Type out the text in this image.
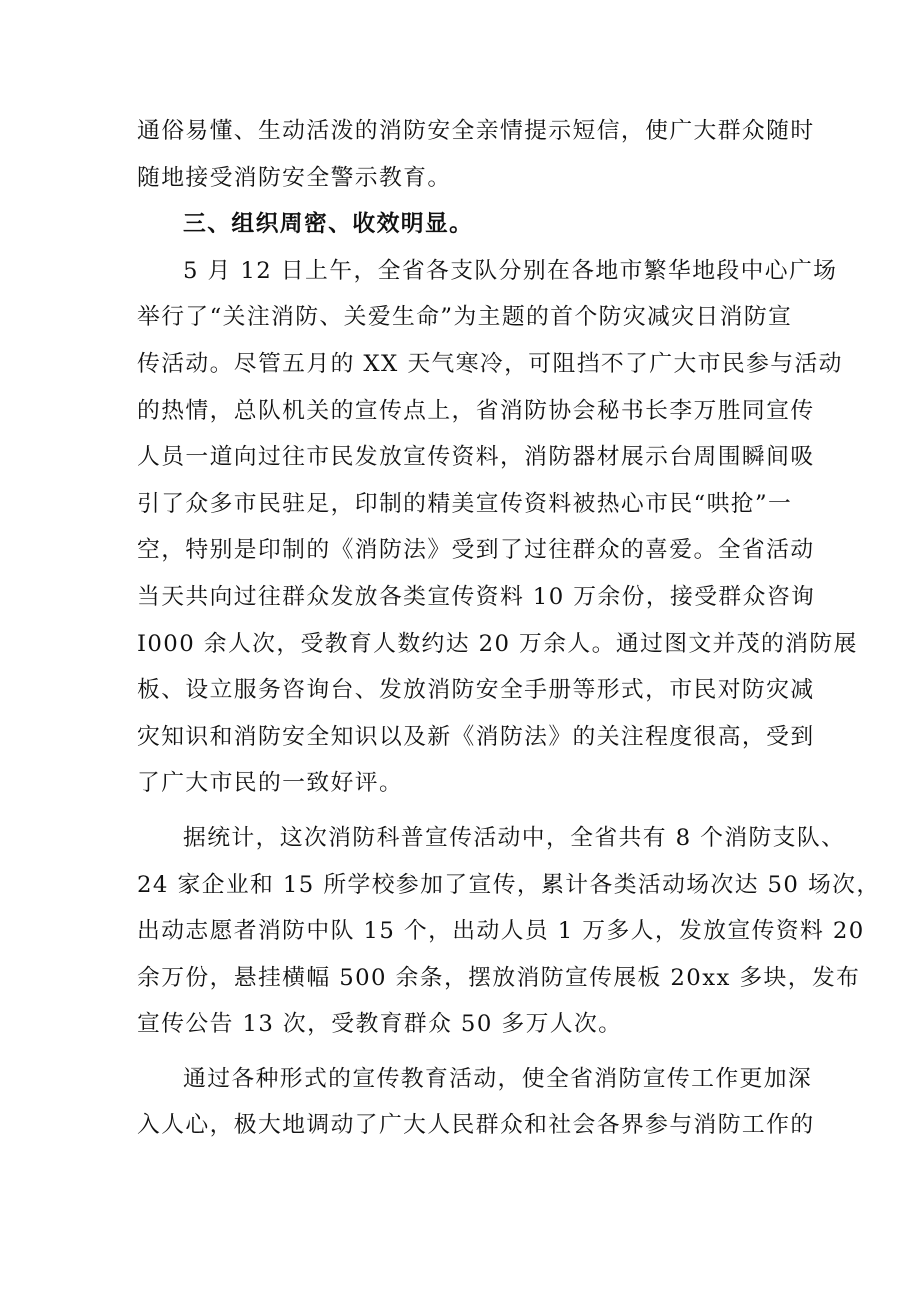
通俗易懂、生动活泼的消防安全亲情提示短信，使广大群众随时
随地接受消防安全警示教育。
三、组织周密、收效明显。
5 月 12 日上午，全省各支队分别在各地市繁华地段中心广场
举行了“关注消防、关爱生命”为主题的首个防灾减灾日消防宣
传活动。尽管五月的 XX 天气寒冷，可阻挡不了广大市民参与活动
的热情，总队机关的宣传点上，省消防协会秘书长李万胜同宣传
人员一道向过往市民发放宣传资料，消防器材展示台周围瞬间吸
引了众多市民驻足，印制的精美宣传资料被热心市民“哄抢”一
空，特别是印制的《消防法》受到了过往群众的喜爱。全省活动
当天共向过往群众发放各类宣传资料 10 万余份，接受群众咨询
I000 余人次，受教育人数约达 20 万余人。通过图文并茂的消防展
板、设立服务咨询台、发放消防安全手册等形式，市民对防灾减
灾知识和消防安全知识以及新《消防法》的关注程度很高，受到
了广大市民的一致好评。
据统计，这次消防科普宣传活动中，全省共有 8 个消防支队、
24 家企业和 15 所学校参加了宣传，累计各类活动场次达 50 场次，
出动志愿者消防中队 15 个，出动人员 1 万多人，发放宣传资料 20
余万份，悬挂横幅 500 余条，摆放消防宣传展板 20xx 多块，发布
宣传公告 13 次，受教育群众 50 多万人次。
通过各种形式的宣传教育活动，使全省消防宣传工作更加深
入人心，极大地调动了广大人民群众和社会各界参与消防工作的
